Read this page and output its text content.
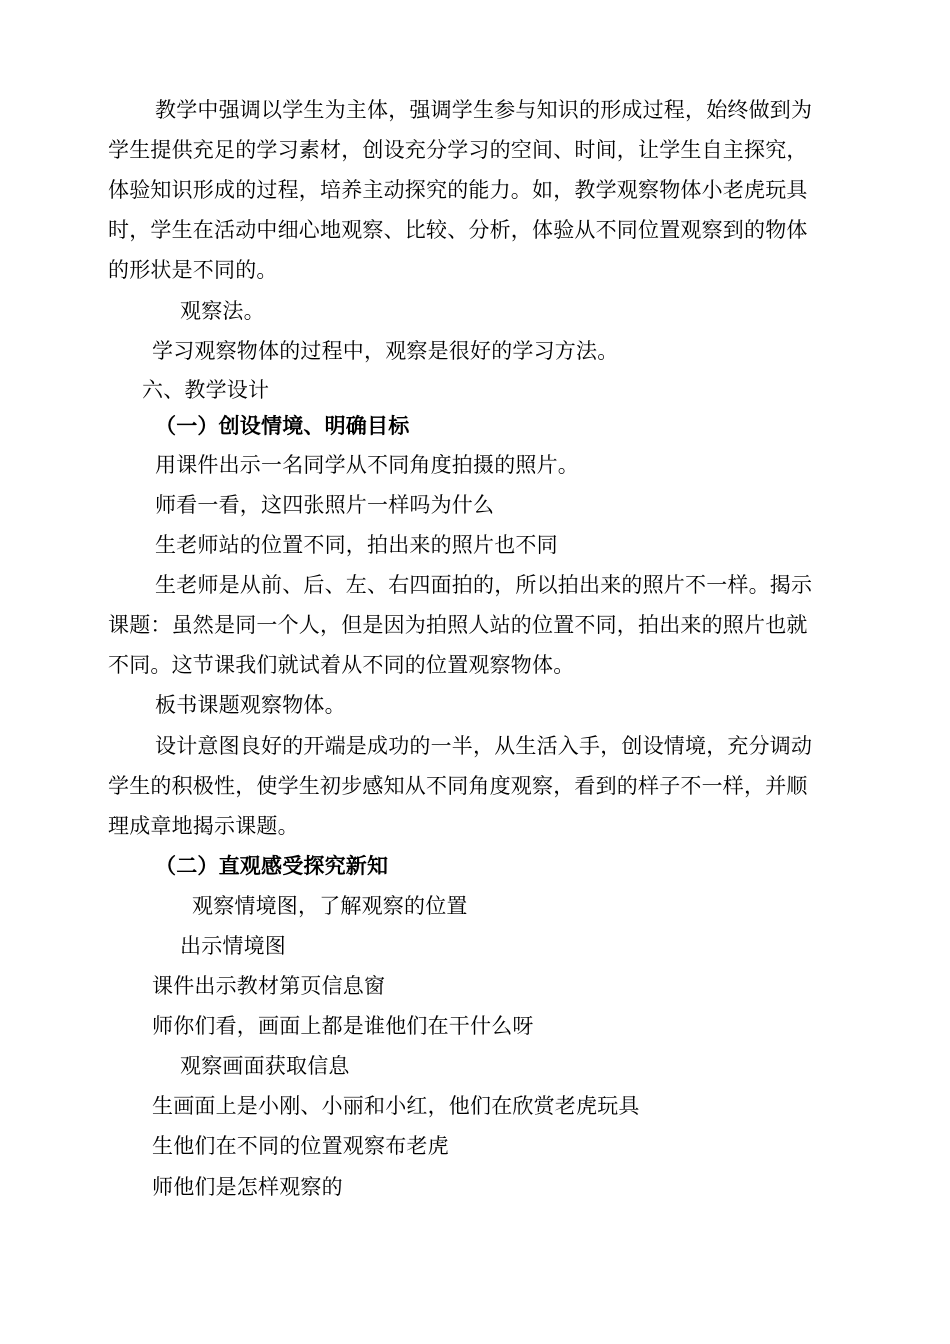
教学中强调以学生为主体，强调学生参与知识的形成过程，始终做到为
学生提供充足的学习素材，创设充分学习的空间、时间，让学生自主探究，
体验知识形成的过程，培养主动探究的能力。如，教学观察物体小老虎玩具
时，学生在活动中细心地观察、比较、分析，体验从不同位置观察到的物体
的形状是不同的。
观察法。
学习观察物体的过程中，观察是很好的学习方法。
六、教学设计
（一）创设情境、明确目标
用课件出示一名同学从不同角度拍摄的照片。
师看一看，这四张照片一样吗为什么
生老师站的位置不同，拍出来的照片也不同
生老师是从前、后、左、右四面拍的，所以拍出来的照片不一样。揭示
课题：虽然是同一个人，但是因为拍照人站的位置不同，拍出来的照片也就
不同。这节课我们就试着从不同的位置观察物体。
板书课题观察物体。
设计意图良好的开端是成功的一半，从生活入手，创设情境，充分调动
学生的积极性，使学生初步感知从不同角度观察，看到的样子不一样，并顺
理成章地揭示课题。
（二）直观感受探究新知
观察情境图，了解观察的位置
出示情境图
课件出示教材第页信息窗
师你们看，画面上都是谁他们在干什么呀
观察画面获取信息
生画面上是小刚、小丽和小红，他们在欣赏老虎玩具
生他们在不同的位置观察布老虎
师他们是怎样观察的
